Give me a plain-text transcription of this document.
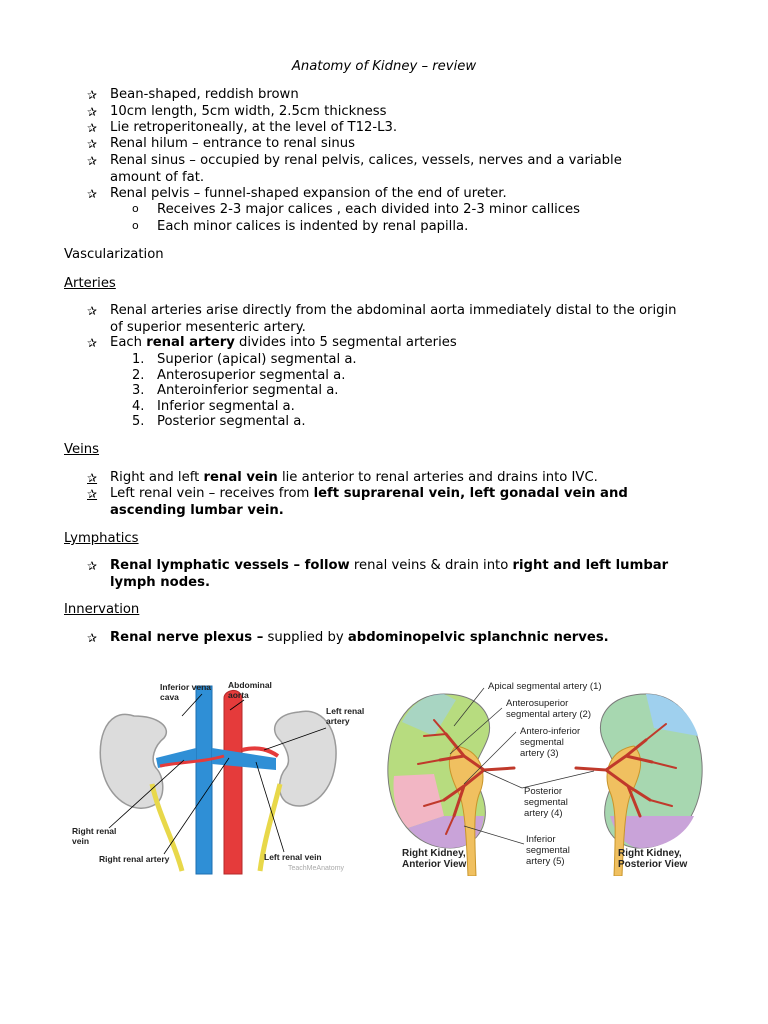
Anatomy of Kidney – review
✰ Bean-shaped, reddish brown
✰ 10cm length, 5cm width, 2.5cm thickness
✰ Lie retroperitoneally, at the level of T12-L3.
✰ Renal hilum – entrance to renal sinus
✰ Renal sinus – occupied by renal pelvis, calices, vessels, nerves and a variable amount of fat.
✰ Renal pelvis – funnel-shaped expansion of the end of ureter.
o Receives 2-3 major calices , each divided into 2-3 minor callices
o Each minor calices is indented by renal papilla.
Vascularization
Arteries
✰ Renal arteries arise directly from the abdominal aorta immediately distal to the origin of superior mesenteric artery.
✰ Each renal artery divides into 5 segmental arteries
1. Superior (apical) segmental a.
2. Anterosuperior segmental a.
3. Anteroinferior segmental a.
4. Inferior segmental a.
5. Posterior segmental a.
Veins
✰ Right and left renal vein lie anterior to renal arteries and drains into IVC.
✰ Left renal vein – receives from left suprarenal vein, left gonadal vein and ascending lumbar vein.
Lymphatics
✰ Renal lymphatic vessels – follow renal veins & drain into right and left lumbar lymph nodes.
Innervation
✰ Renal nerve plexus – supplied by abdominopelvic splanchnic nerves.
Inferior vena cava
Abdominal aorta
Left renal artery
Right renal vein
Right renal artery	Left renal vein
TeachMeAnatomy
Apical segmental artery (1)
Anterosuperior segmental artery (2)
Antero-inferior segmental artery (3)
Posterior segmental artery (4)
Inferior segmental artery (5)
Right Kidney, Anterior View
Right Kidney, Posterior View
